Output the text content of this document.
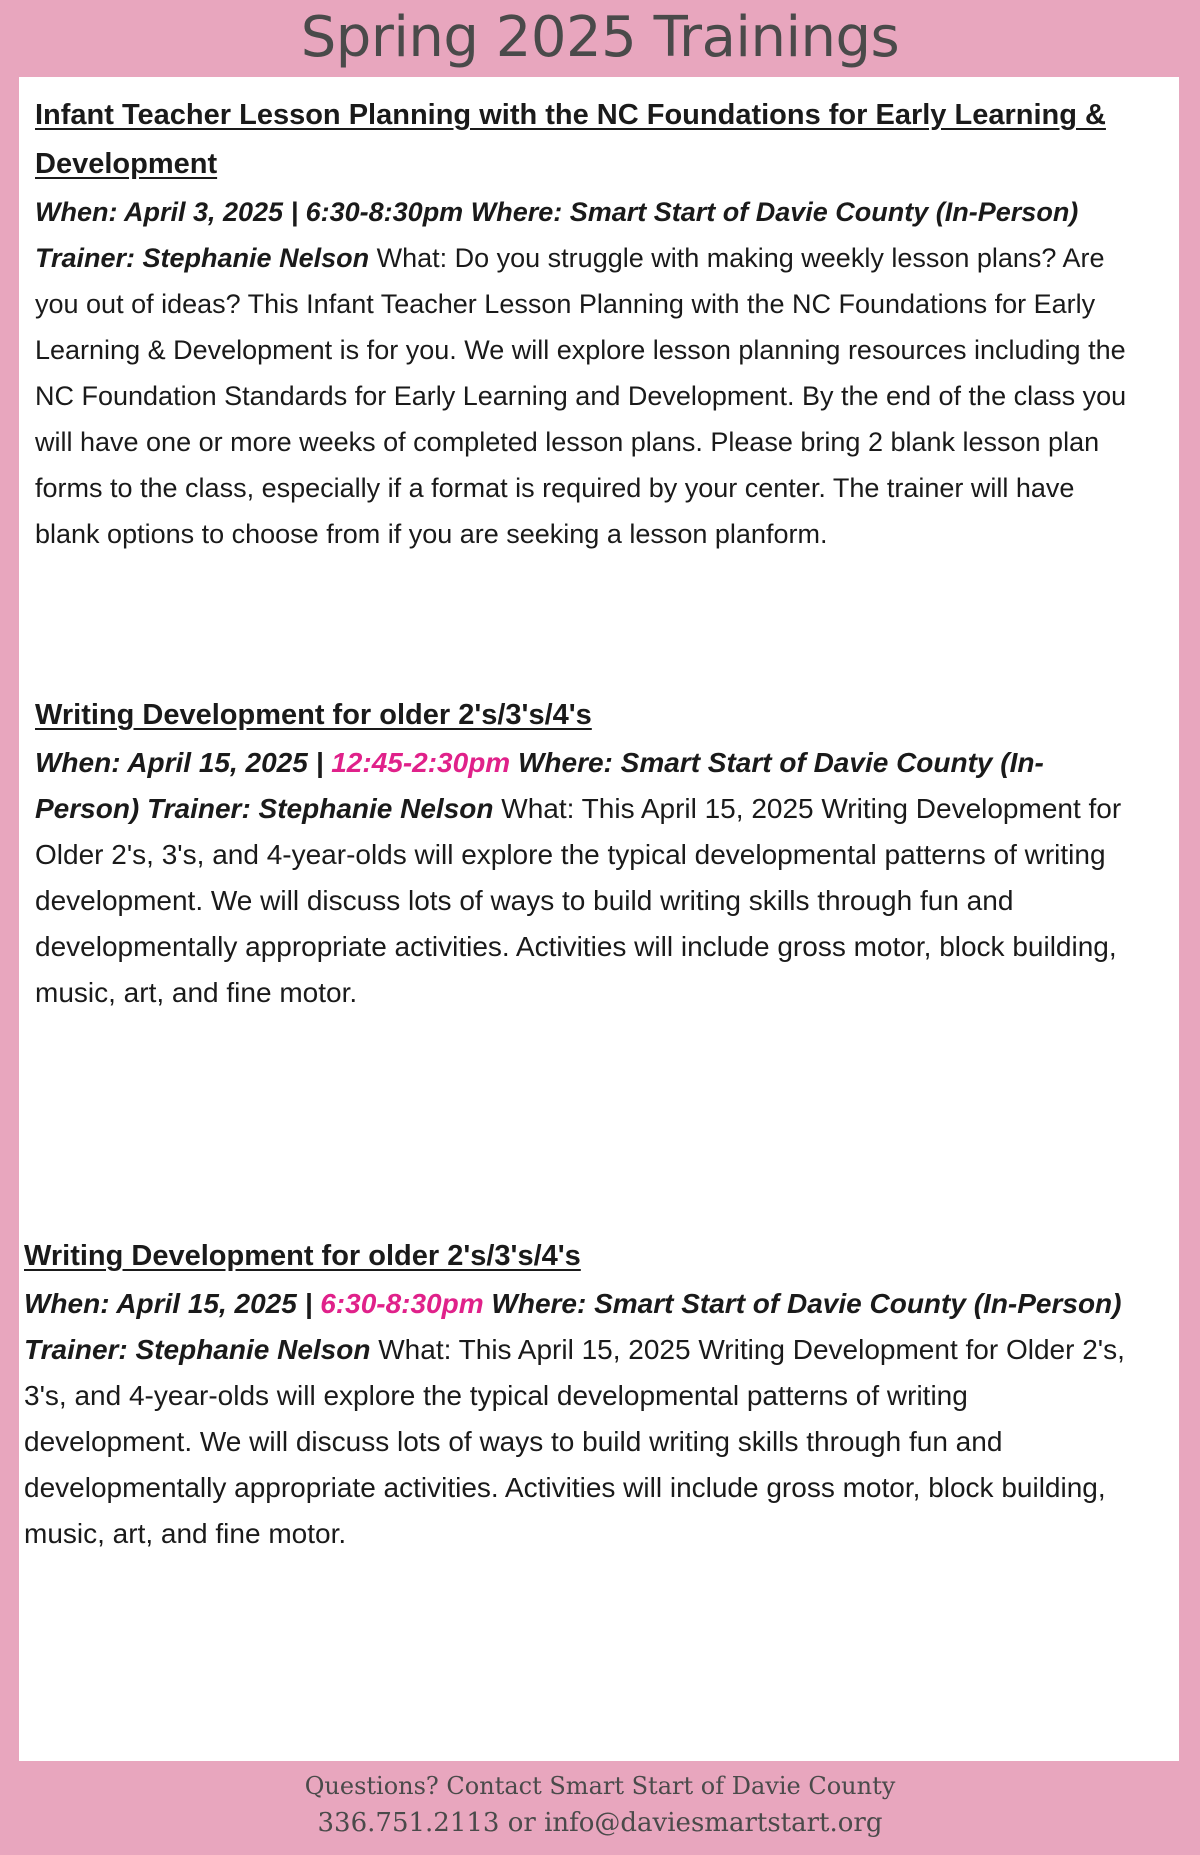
Spring 2025 Trainings

Infant Teacher Lesson Planning with the NC Foundations for Early Learning & Development

When: April 3, 2025 | 6:30-8:30pm Where: Smart Start of Davie County (In-Person) Trainer: Stephanie Nelson What: Do you struggle with making weekly lesson plans? Are you out of ideas? This Infant Teacher Lesson Planning with the NC Foundations for Early Learning & Development is for you. We will explore lesson planning resources including the NC Foundation Standards for Early Learning and Development. By the end of the class you will have one or more weeks of completed lesson plans. Please bring 2 blank lesson plan forms to the class, especially if a format is required by your center. The trainer will have blank options to choose from if you are seeking a lesson planform.

Writing Development for older 2's/3's/4's

When: April 15, 2025 | 12:45-2:30pm Where: Smart Start of Davie County (In-Person) Trainer: Stephanie Nelson What: This April 15, 2025 Writing Development for Older 2's, 3's, and 4-year-olds will explore the typical developmental patterns of writing development. We will discuss lots of ways to build writing skills through fun and developmentally appropriate activities. Activities will include gross motor, block building, music, art, and fine motor.

Writing Development for older 2's/3's/4's

When: April 15, 2025 | 6:30-8:30pm Where: Smart Start of Davie County (In-Person) Trainer: Stephanie Nelson What: This April 15, 2025 Writing Development for Older 2's, 3's, and 4-year-olds will explore the typical developmental patterns of writing development. We will discuss lots of ways to build writing skills through fun and developmentally appropriate activities. Activities will include gross motor, block building, music, art, and fine motor.

Questions? Contact Smart Start of Davie County
336.751.2113 or info@daviesmartstart.org
